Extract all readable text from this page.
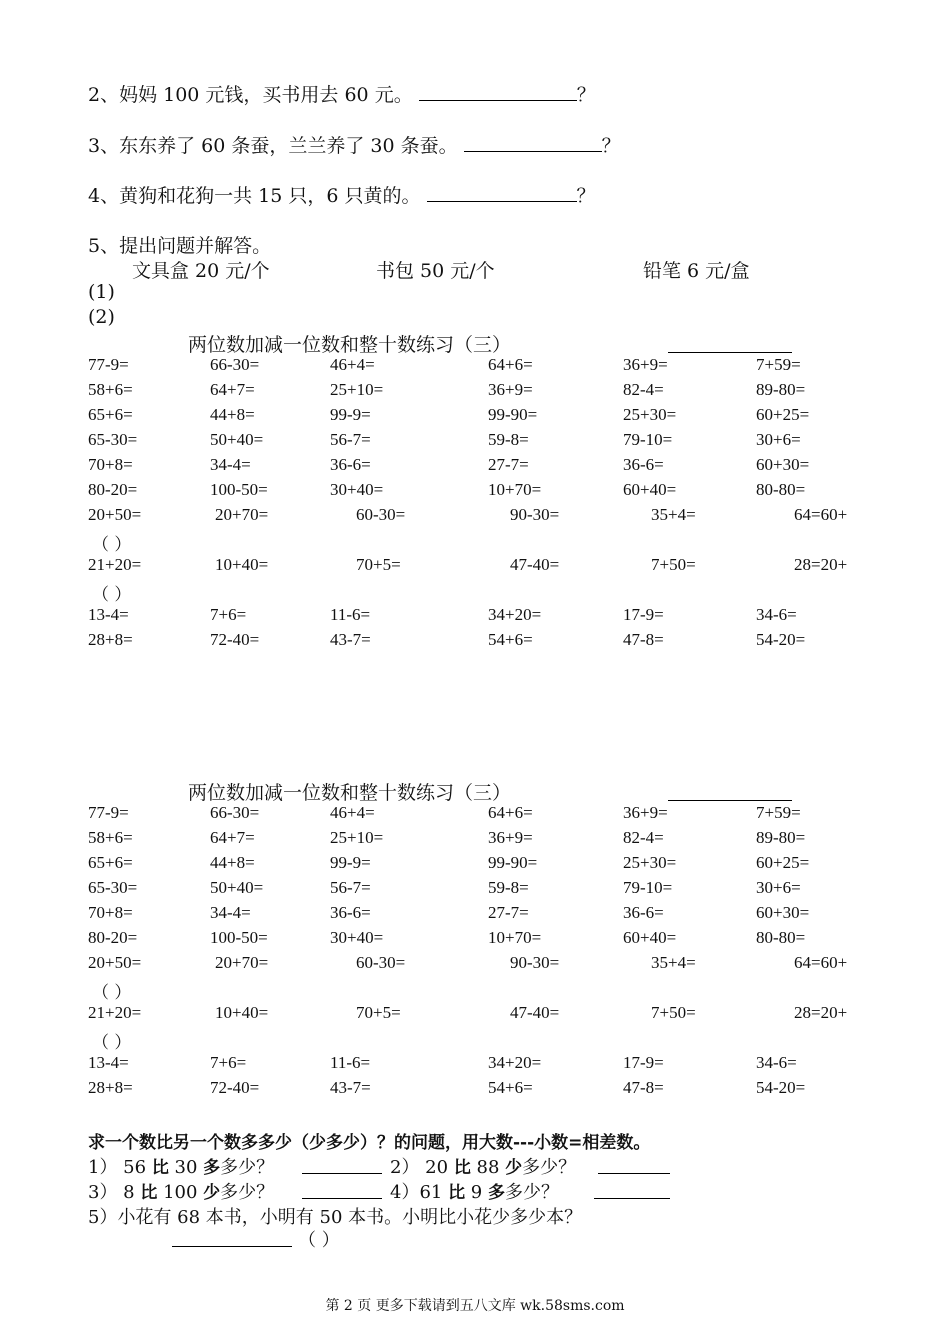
2、妈妈 100 元钱，买书用去 60 元。	？
3、东东养了 60 条蚕，兰兰养了 30 条蚕。	？
4、黄狗和花狗一共 15 只，6 只黄的。	？
5、提出问题并解答。
文具盒 20 元/个	书包 50 元/个	铅笔 6 元/盒
(1)
(2)
两位数加减一位数和整十数练习（三）
77-9=	66-30=	46+4=	64+6=	36+9=	7+59=
58+6=	64+7=	25+10=	36+9=	82-4=	89-80=
65+6=	44+8=	99-9=	99-90=	25+30=	60+25=
65-30=	50+40=	56-7=	59-8=	79-10=	30+6=
70+8=	34-4=	36-6=	27-7=	36-6=	60+30=
80-20=	100-50=	30+40=	10+70=	60+40=	80-80=
20+50=	20+70=	60-30=	90-30=	35+4=	64=60+
（ ）
21+20=	10+40=	70+5=	47-40=	7+50=	28=20+
（ ）
13-4=	7+6=	11-6=	34+20=	17-9=	34-6=
28+8=	72-40=	43-7=	54+6=	47-8=	54-20=
两位数加减一位数和整十数练习（三）
77-9=	66-30=	46+4=	64+6=	36+9=	7+59=
58+6=	64+7=	25+10=	36+9=	82-4=	89-80=
65+6=	44+8=	99-9=	99-90=	25+30=	60+25=
65-30=	50+40=	56-7=	59-8=	79-10=	30+6=
70+8=	34-4=	36-6=	27-7=	36-6=	60+30=
80-20=	100-50=	30+40=	10+70=	60+40=	80-80=
20+50=	20+70=	60-30=	90-30=	35+4=	64=60+
（ ）
21+20=	10+40=	70+5=	47-40=	7+50=	28=20+
（ ）
13-4=	7+6=	11-6=	34+20=	17-9=	34-6=
28+8=	72-40=	43-7=	54+6=	47-8=	54-20=
求一个数比另一个数多多少（少多少）？的问题，用大数---小数=相差数。
1） 56 比 30 多多少？	2） 20 比 88 少多少？
3） 8 比 100 少多少？	4）61 比 9 多多少？
5）小花有 68 本书，小明有 50 本书。小明比小花少多少本？
（ ）
第 2 页 更多下载请到五八文库 wk.58sms.com
